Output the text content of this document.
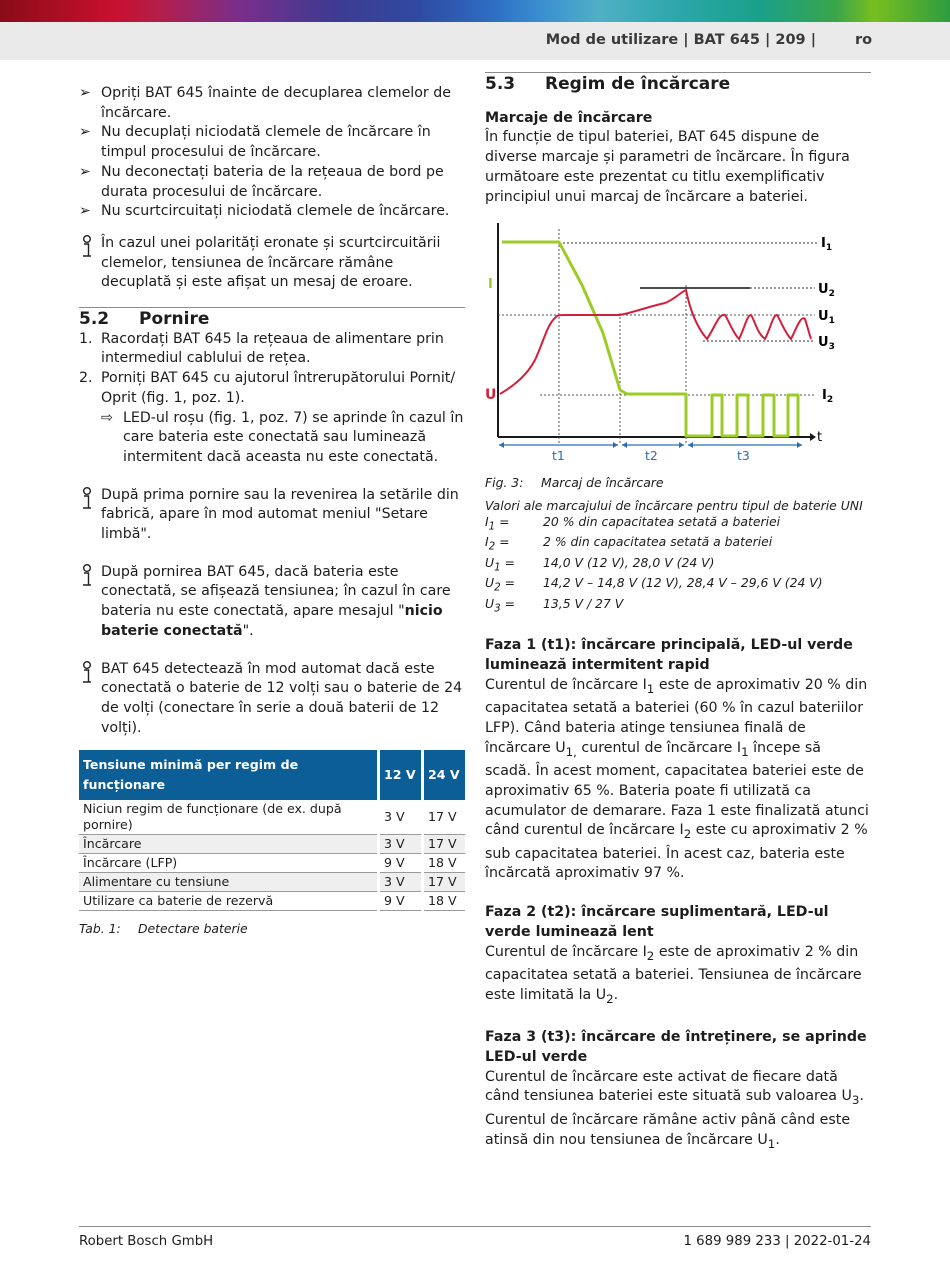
Mod de utilizare | BAT 645 | 209 |	ro
➢ Opriți BAT 645 înainte de decuplarea clemelor de încărcare.
➢ Nu decuplați niciodată clemele de încărcare în timpul procesului de încărcare.
➢ Nu deconectați bateria de la rețeaua de bord pe durata procesului de încărcare.
➢ Nu scurtcircuitați niciodată clemele de încărcare.
În cazul unei polarități eronate și scurtcircuitării clemelor, tensiunea de încărcare rămâne decuplată și este afișat un mesaj de eroare.
5.2	Pornire
1. Racordați BAT 645 la rețeaua de alimentare prin intermediul cablului de rețea.
2. Porniți BAT 645 cu ajutorul întrerupătorului Pornit/ Oprit (fig. 1, poz. 1).
⇨ LED-ul roșu (fig. 1, poz. 7) se aprinde în cazul în care bateria este conectată sau luminează intermitent dacă aceasta nu este conectată.
După prima pornire sau la revenirea la setările din fabrică, apare în mod automat meniul "Setare limbă".
După pornirea BAT 645, dacă bateria este conectată, se afișează tensiunea; în cazul în care bateria nu este conectată, apare mesajul "nicio baterie conectată".
BAT 645 detectează în mod automat dacă este conectată o baterie de 12 volți sau o baterie de 24 de volți (conectare în serie a două baterii de 12 volți).
Tensiune minimă per regim de funcționare	12 V	24 V
Niciun regim de funcționare (de ex. după pornire)	3 V	17 V
Încărcare	3 V	17 V
Încărcare (LFP)	9 V	18 V
Alimentare cu tensiune	3 V	17 V
Utilizare ca baterie de rezervă	9 V	18 V
Tab. 1: Detectare baterie
5.3	Regim de încărcare
Marcaje de încărcare
În funcție de tipul bateriei, BAT 645 dispune de diverse marcaje și parametri de încărcare. În figura următoare este prezentat cu titlu exemplificativ principiul unui marcaj de încărcare a bateriei.
I
U
$I_1$
$U_2$
$U_1$
$U_3$
$I_2$
t
t1	t2	t3
Fig. 3: Marcaj de încărcare
Valori ale marcajului de încărcare pentru tipul de baterie UNI
$I_1$ =	20 % din capacitatea setată a bateriei
$I_2$ =	2 % din capacitatea setată a bateriei
$U_1 = 14,0$ V (12 V), 28,0 V (24 V)
$U_2 = 14,2$ V – 14,8 V (12 V), 28,4 V – 29,6 V (24 V)
$U_3 = 13,5$ V / 27 V
Faza 1 (t1): încărcare principală, LED-ul verde luminează intermitent rapid
Curentul de încărcare $I_1$ este de aproximativ 20 % din capacitatea setată a bateriei (60 % în cazul bateriilor LFP). Când bateria atinge tensiunea finală de încărcare $U_{1,}$ curentul de încărcare $I_1$ începe să scadă. În acest moment, capacitatea bateriei este de aproximativ 65 %. Bateria poate fi utilizată ca acumulator de demarare. Faza 1 este finalizată atunci când curentul de încărcare $I_2$ este cu aproximativ 2 % sub capacitatea bateriei. În acest caz, bateria este încărcată aproximativ 97 %.
Faza 2 (t2): încărcare suplimentară, LED-ul verde luminează lent
Curentul de încărcare $I_2$ este de aproximativ 2 % din capacitatea setată a bateriei. Tensiunea de încărcare este limitată la $U_2$.
Faza 3 (t3): încărcare de întreținere, se aprinde LED-ul verde
Curentul de încărcare este activat de fiecare dată când tensiunea bateriei este situată sub valoarea $U_3$. Curentul de încărcare rămâne activ până când este atinsă din nou tensiunea de încărcare $U_1$.
Robert Bosch GmbH	1 689 989 233 | 2022-01-24
